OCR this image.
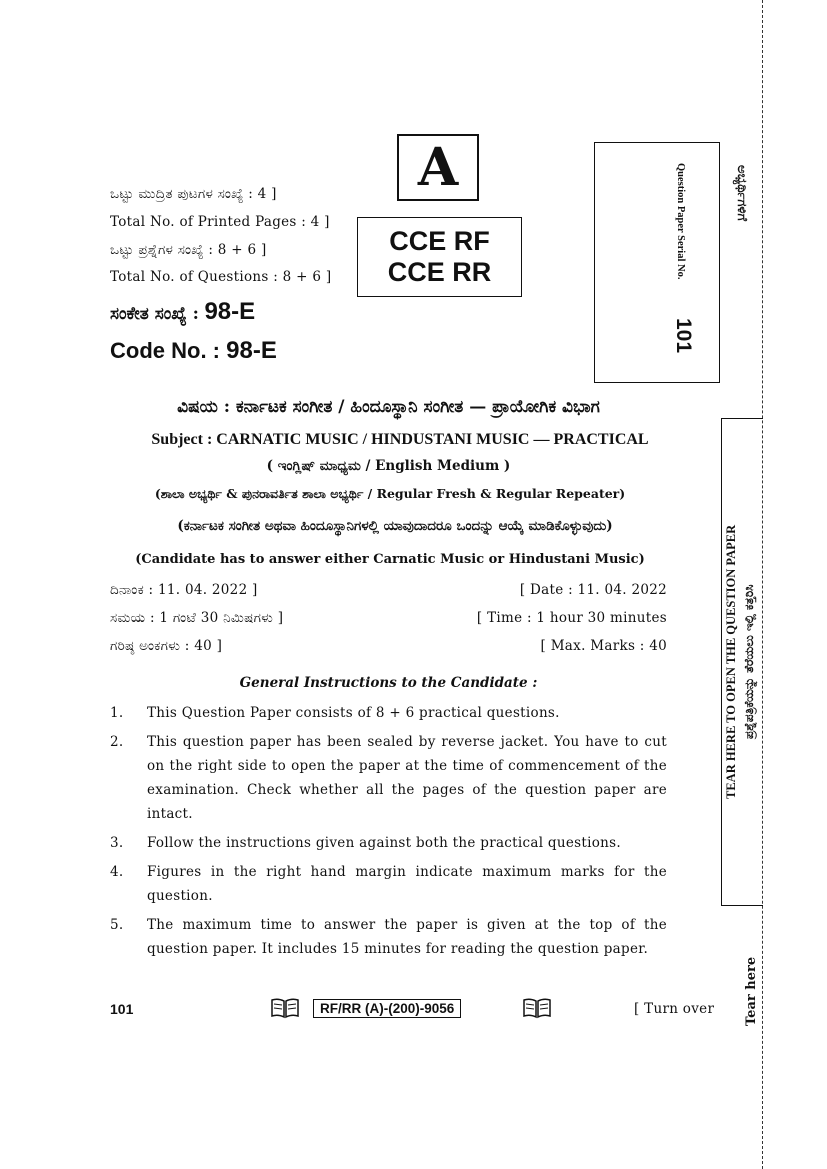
ಅಭ್ಯರ್ಥಿಗಳಿಗೆ
ಒಟ್ಟು ಮುದ್ರಿತ ಪುಟಗಳ ಸಂಖ್ಯೆ : 4 ]
Total No. of Printed Pages : 4 ]
ಒಟ್ಟು ಪ್ರಶ್ನೆಗಳ ಸಂಖ್ಯೆ : 8 + 6 ]
Total No. of Questions : 8 + 6 ]
ಸಂಕೇತ ಸಂಖ್ಯೆ : 98-E
Code No. : 98-E
A
CCE RF
CCE RR	Question Paper Serial No.
101
ವಿಷಯ : ಕರ್ನಾಟಕ ಸಂಗೀತ / ಹಿಂದೂಸ್ಥಾನಿ ಸಂಗೀತ — ಪ್ರಾಯೋಗಿಕ ವಿಭಾಗ
Subject : CARNATIC MUSIC / HINDUSTANI MUSIC — PRACTICAL
( ಇಂಗ್ಲಿಷ್ ಮಾಧ್ಯಮ / English Medium )
(ಶಾಲಾ ಅಭ್ಯರ್ಥಿ & ಪುನರಾವರ್ತಿತ ಶಾಲಾ ಅಭ್ಯರ್ಥಿ / Regular Fresh & Regular Repeater)
(ಕರ್ನಾಟಕ ಸಂಗೀತ ಅಥವಾ ಹಿಂದೂಸ್ಥಾನಿಗಳಲ್ಲಿ ಯಾವುದಾದರೂ ಒಂದನ್ನು ಆಯ್ಕೆ ಮಾಡಿಕೊಳ್ಳುವುದು)
(Candidate has to answer either Carnatic Music or Hindustani Music)
ದಿನಾಂಕ : 11. 04. 2022 ]	[ Date : 11. 04. 2022
ಸಮಯ : 1 ಗಂಟೆ 30 ನಿಮಿಷಗಳು ]	[ Time : 1 hour 30 minutes
ಗರಿಷ್ಠ ಅಂಕಗಳು : 40 ]	[ Max. Marks : 40
General Instructions to the Candidate :
1. This Question Paper consists of 8 + 6 practical questions.
2. This question paper has been sealed by reverse jacket. You have to cut on the right side to open the paper at the time of commencement of the examination. Check whether all the pages of the question paper are intact.
3. Follow the instructions given against both the practical questions.
4. Figures in the right hand margin indicate maximum marks for the question.
5. The maximum time to answer the paper is given at the top of the question paper. It includes 15 minutes for reading the question paper.
TEAR HERE TO OPEN THE QUESTION PAPER ಪ್ರಶ್ನೆಪತ್ರಿಕೆಯನ್ನು ತೆರೆಯಲು ಇಲ್ಲಿ ಕತ್ತರಿಸಿ
Tear here
101	RF/RR (A)-(200)-9056	[ Turn over
